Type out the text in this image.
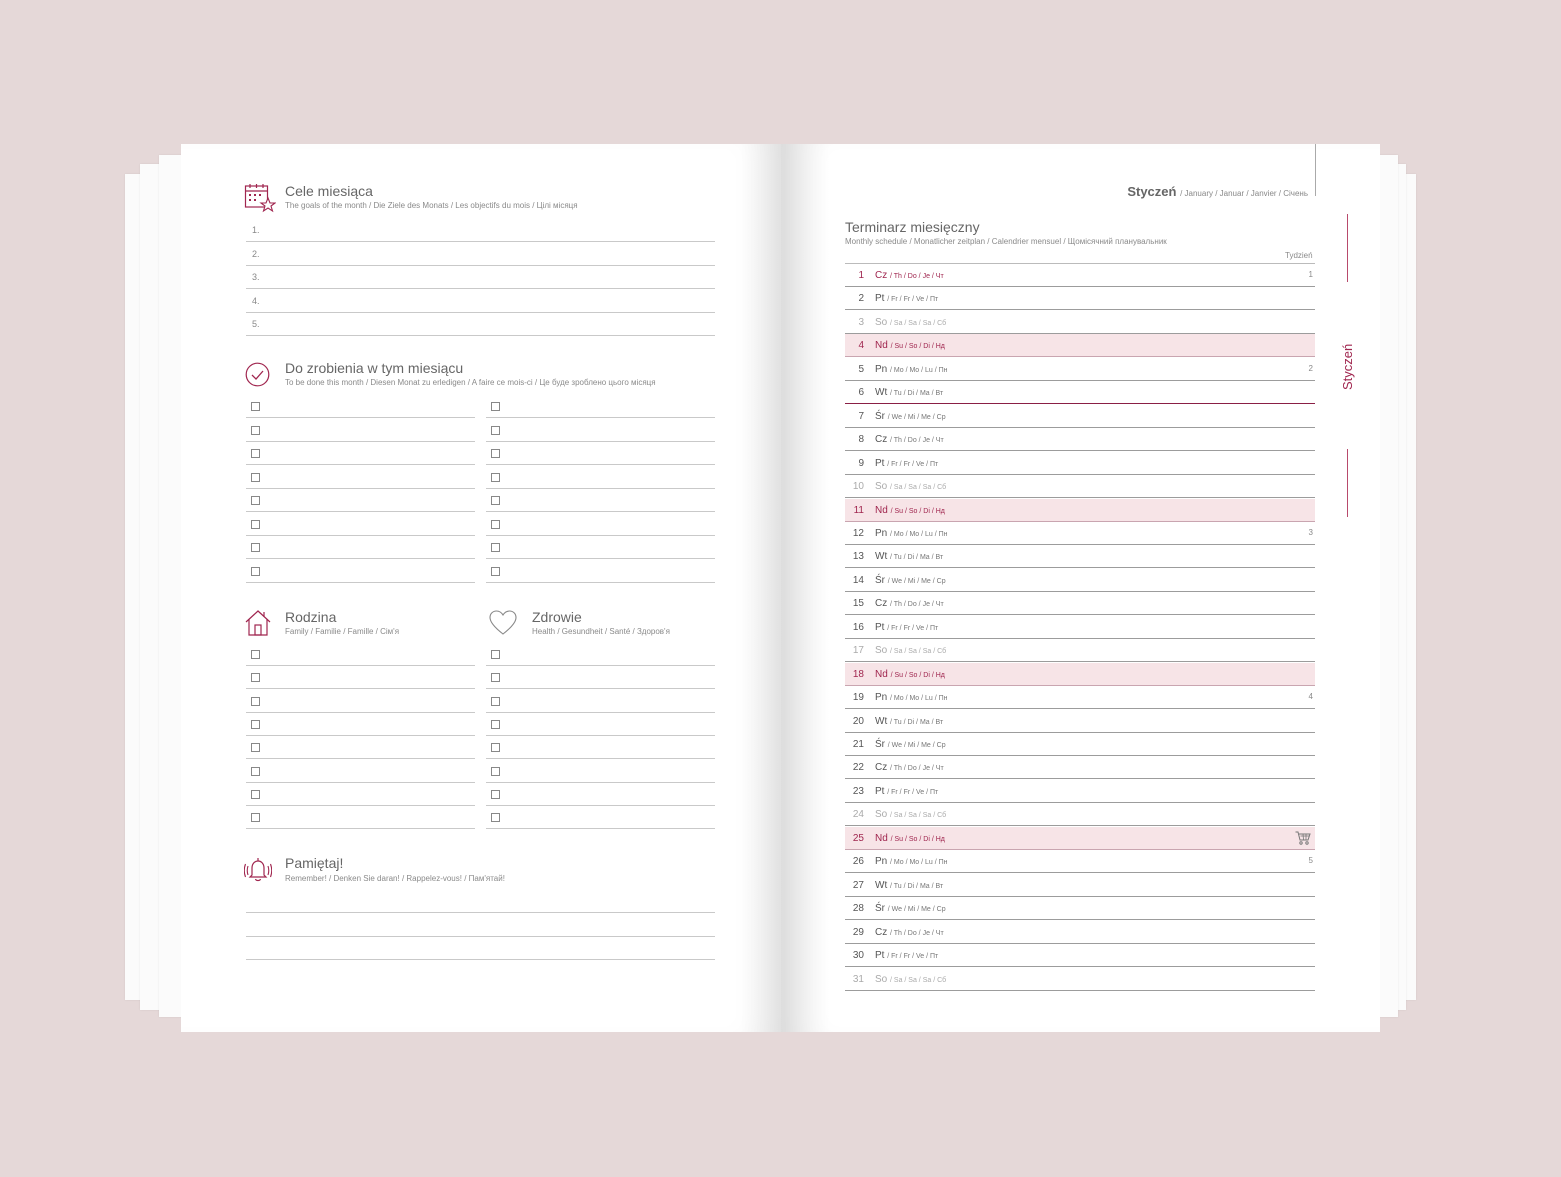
Cele miesiąca
The goals of the month / Die Ziele des Monats / Les objectifs du mois / Цілі місяця
1.
2.
3.
4.
5.
Do zrobienia w tym miesiącu
To be done this month / Diesen Monat zu erledigen / A faire ce mois-ci / Це буде зроблено цього місяця
Rodzina
Family / Familie / Famille / Сім'я
Zdrowie
Health / Gesundheit / Santé / Здоров'я
Pamiętaj!
Remember! / Denken Sie daran! / Rappelez-vous! / Пам'ятай!
Styczeń / January / Januar / Janvier / Січень
Styczeń
Terminarz miesięczny
Monthly schedule / Monatlicher zeitplan / Calendrier mensuel / Щомісячний планувальник
Tydzień
1 Cz / Th / Do / Je / Чт	1
2 Pt / Fr / Fr / Ve / Пт
3 So / Sa / Sa / Sa / Сб
4 Nd / Su / So / Di / Нд
5 Pn / Mo / Mo / Lu / Пн	2
6 Wt / Tu / Di / Ma / Вт
7 Śr / We / Mi / Me / Ср
8 Cz / Th / Do / Je / Чт
9 Pt / Fr / Fr / Ve / Пт
10 So / Sa / Sa / Sa / Сб
11 Nd / Su / So / Di / Нд
12 Pn / Mo / Mo / Lu / Пн	3
13 Wt / Tu / Di / Ma / Вт
14 Śr / We / Mi / Me / Ср
15 Cz / Th / Do / Je / Чт
16 Pt / Fr / Fr / Ve / Пт
17 So / Sa / Sa / Sa / Сб
18 Nd / Su / So / Di / Нд
19 Pn / Mo / Mo / Lu / Пн	4
20 Wt / Tu / Di / Ma / Вт
21 Śr / We / Mi / Me / Ср
22 Cz / Th / Do / Je / Чт
23 Pt / Fr / Fr / Ve / Пт
24 So / Sa / Sa / Sa / Сб
25 Nd / Su / So / Di / Нд
26 Pn / Mo / Mo / Lu / Пн	5
27 Wt / Tu / Di / Ma / Вт
28 Śr / We / Mi / Me / Ср
29 Cz / Th / Do / Je / Чт
30 Pt / Fr / Fr / Ve / Пт
31 So / Sa / Sa / Sa / Сб
